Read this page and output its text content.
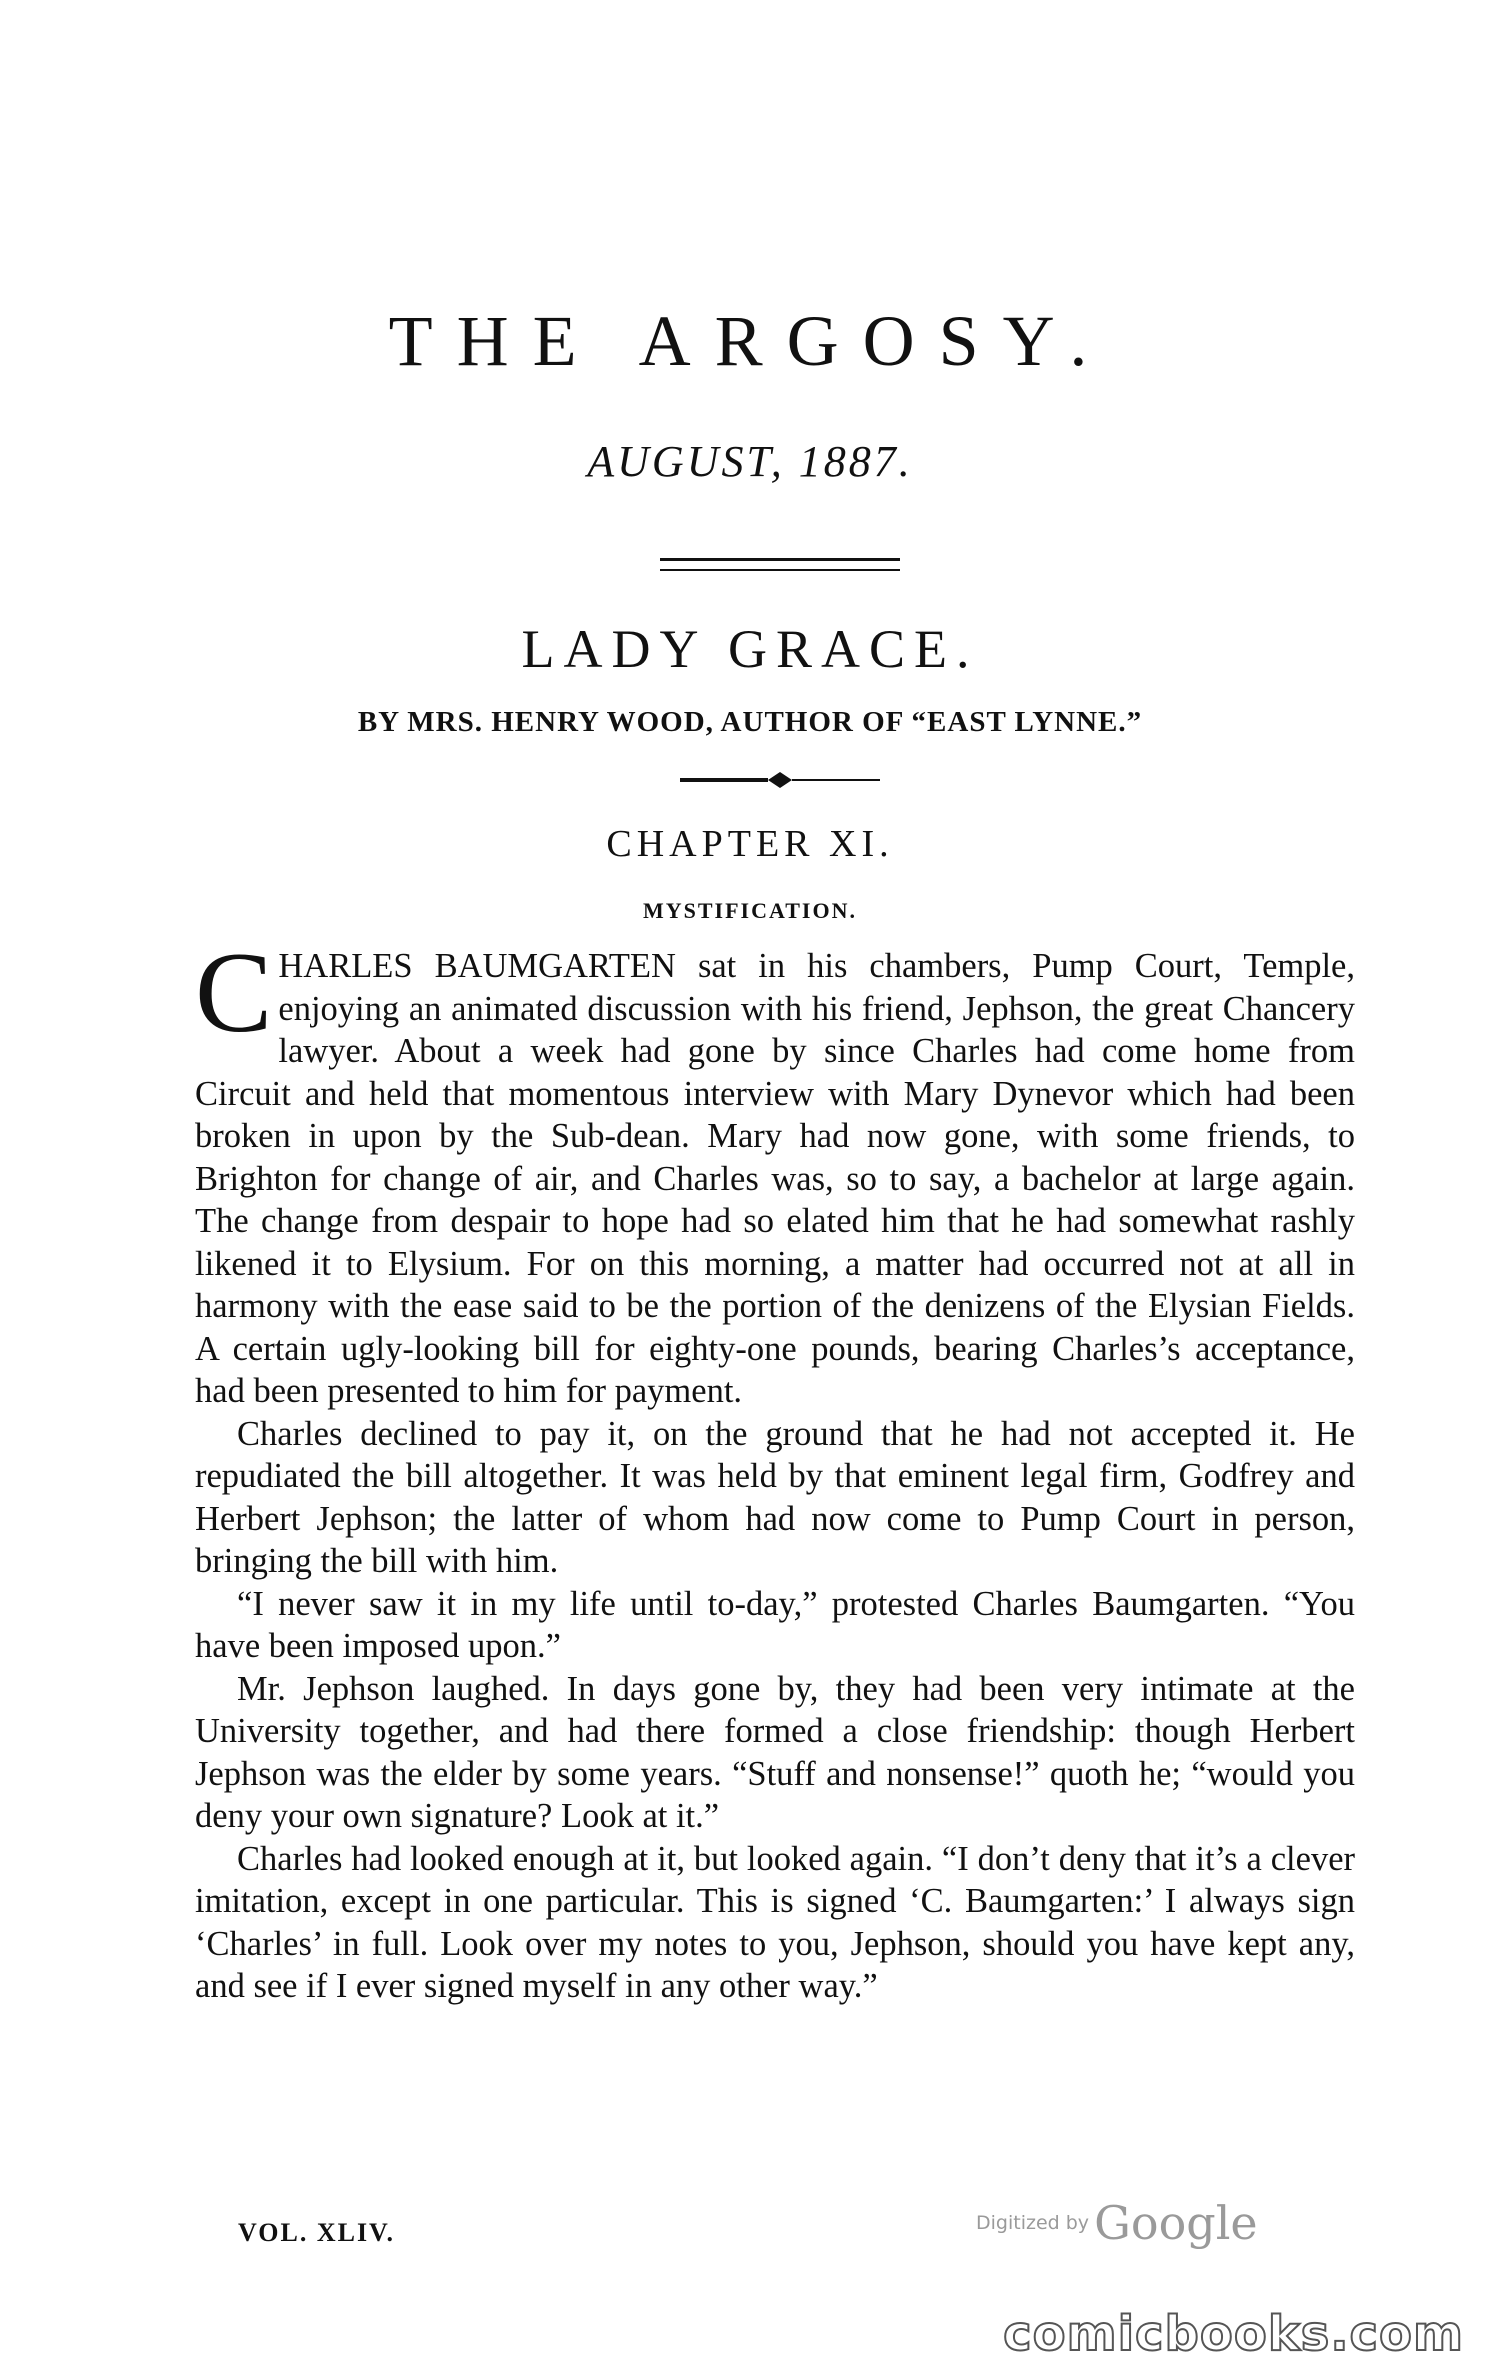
THE ARGOSY.
AUGUST, 1887.
LADY GRACE.
BY MRS. HENRY WOOD, AUTHOR OF “EAST LYNNE.”
CHAPTER XI.
MYSTIFICATION.

CHARLES BAUMGARTEN sat in his chambers, Pump Court, Temple, enjoying an animated discussion with his friend, Jephson, the great Chancery lawyer. About a week had gone by since Charles had come home from Circuit and held that momentous interview with Mary Dynevor which had been broken in upon by the Sub-dean. Mary had now gone, with some friends, to Brighton for change of air, and Charles was, so to say, a bachelor at large again. The change from despair to hope had so elated him that he had somewhat rashly likened it to Elysium. For on this morning, a matter had occurred not at all in harmony with the ease said to be the portion of the denizens of the Elysian Fields. A certain ugly-looking bill for eighty-one pounds, bearing Charles’s acceptance, had been presented to him for payment.

Charles declined to pay it, on the ground that he had not accepted it. He repudiated the bill altogether. It was held by that eminent legal firm, Godfrey and Herbert Jephson; the latter of whom had now come to Pump Court in person, bringing the bill with him.

“I never saw it in my life until to-day,” protested Charles Baumgarten. “You have been imposed upon.”

Mr. Jephson laughed. In days gone by, they had been very intimate at the University together, and had there formed a close friendship: though Herbert Jephson was the elder by some years. “Stuff and nonsense!” quoth he; “would you deny your own signature? Look at it.”

Charles had looked enough at it, but looked again. “I don’t deny that it’s a clever imitation, except in one particular. This is signed ‘C. Baumgarten:’ I always sign ‘Charles’ in full. Look over my notes to you, Jephson, should you have kept any, and see if I ever signed myself in any other way.”

VOL. XLIV.	Digitized by Google
comicbooks.com
